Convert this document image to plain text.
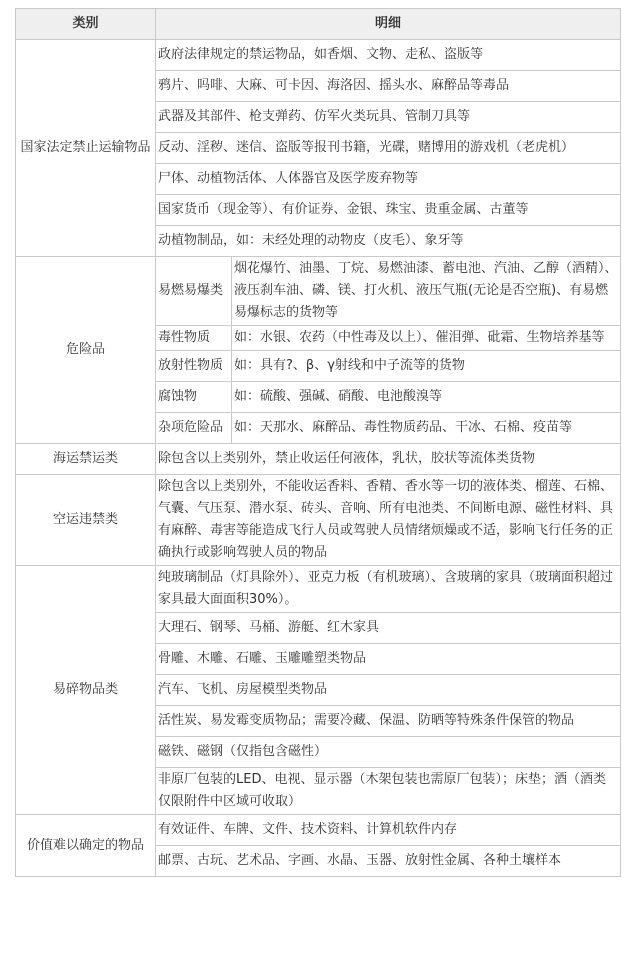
类别	明细	
国家法定禁止运输物品	政府法律规定的禁运物品，如香烟、文物、走私、盗版等	
	鸦片、吗啡、大麻、可卡因、海洛因、摇头水、麻醉品等毒品	
	武器及其部件、枪支弹药、仿军火类玩具、管制刀具等	
	反动、淫秽、迷信、盗版等报刊书籍，光碟，赌博用的游戏机（老虎机）	
	尸体、动植物活体、人体器官及医学废弃物等	
	国家货币（现金等）、有价证券、金银、珠宝、贵重金属、古董等	
	动植物制品，如：未经处理的动物皮（皮毛）、象牙等	
危险品	易燃易爆类	烟花爆竹、油墨、丁烷、易燃油漆、蓄电池、汽油、乙醇（酒精）、液压刹车油、磷、镁、打火机、液压气瓶(无论是否空瓶)、有易燃易爆标志的货物等
	毒性物质	如：水银、农药（中性毒及以上）、催泪弹、砒霜、生物培养基等
	放射性物质	如：具有?、β、γ射线和中子流等的货物
	腐蚀物	如：硫酸、强碱、硝酸、电池酸溴等
	杂项危险品	如：天那水、麻醉品、毒性物质药品、干冰、石棉、疫苗等
海运禁运类	除包含以上类别外，禁止收运任何液体，乳状，胶状等流体类货物	
空运违禁类	除包含以上类别外，不能收运香料、香精、香水等一切的液体类、榴莲、石棉、气囊、气压泵、潜水泵、砖头、音响、所有电池类、不间断电源、磁性材料、具有麻醉、毒害等能造成飞行人员或驾驶人员情绪烦燥或不适，影响飞行任务的正确执行或影响驾驶人员的物品	
易碎物品类	纯玻璃制品（灯具除外）、亚克力板（有机玻璃）、含玻璃的家具（玻璃面积超过家具最大面面积30%）。	
	大理石、钢琴、马桶、游艇、红木家具	
	骨雕、木雕、石雕、玉雕雕塑类物品	
	汽车、飞机、房屋模型类物品	
	活性炭、易发霉变质物品；需要冷藏、保温、防晒等特殊条件保管的物品	
	磁铁、磁钢（仅指包含磁性）	
	非原厂包装的LED、电视、显示器（木架包装也需原厂包装）；床垫；酒（酒类仅限附件中区域可收取）	
价值难以确定的物品	有效证件、车牌、文件、技术资料、计算机软件内存	
	邮票、古玩、艺术品、字画、水晶、玉器、放射性金属、各种土壤样本	
